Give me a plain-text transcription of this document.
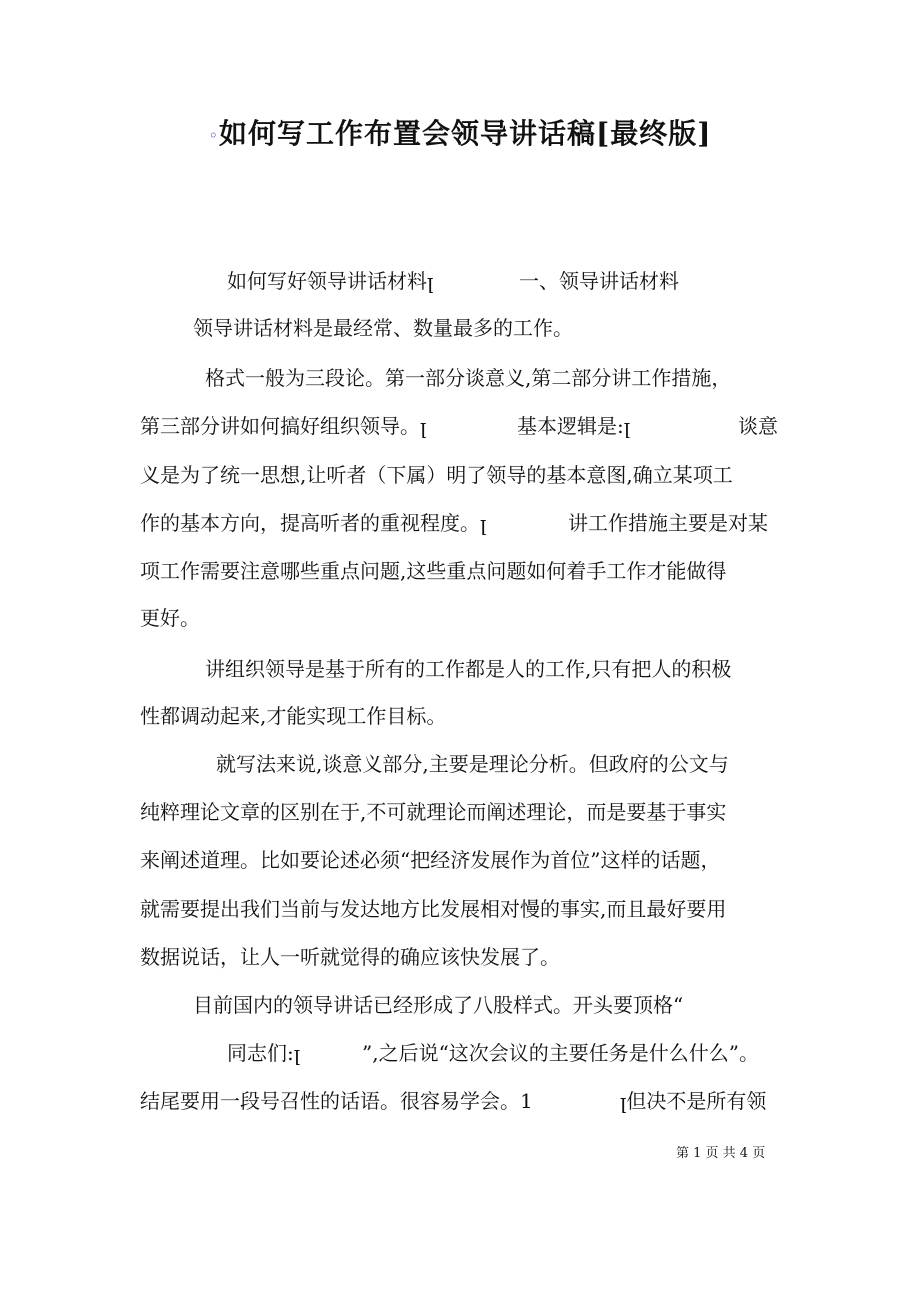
◦如何写工作布置会领导讲话稿[最终版]
如何写好领导讲话材料ꞁ	一、领导讲话材料
领导讲话材料是最经常、数量最多的工作。
格式一般为三段论。第一部分谈意义,第二部分讲工作措施，
第三部分讲如何搞好组织领导。ꞁ	基本逻辑是:ꞁ	谈意
义是为了统一思想,让听者（下属）明了领导的基本意图,确立某项工
作的基本方向，提高听者的重视程度。ꞁ	讲工作措施主要是对某
项工作需要注意哪些重点问题,这些重点问题如何着手工作才能做得
更好。
讲组织领导是基于所有的工作都是人的工作,只有把人的积极
性都调动起来,才能实现工作目标。
就写法来说,谈意义部分,主要是理论分析。但政府的公文与
纯粹理论文章的区别在于,不可就理论而阐述理论，而是要基于事实
来阐述道理。比如要论述必须“把经济发展作为首位”这样的话题，
就需要提出我们当前与发达地方比发展相对慢的事实,而且最好要用
数据说话，让人一听就觉得的确应该快发展了。
目前国内的领导讲话已经形成了八股样式。开头要顶格“
同志们:ꞁ	”,之后说“这次会议的主要任务是什么什么”。
结尾要用一段号召性的话语。很容易学会。1	ꞁ但决不是所有领
第 1 页 共 4 页
